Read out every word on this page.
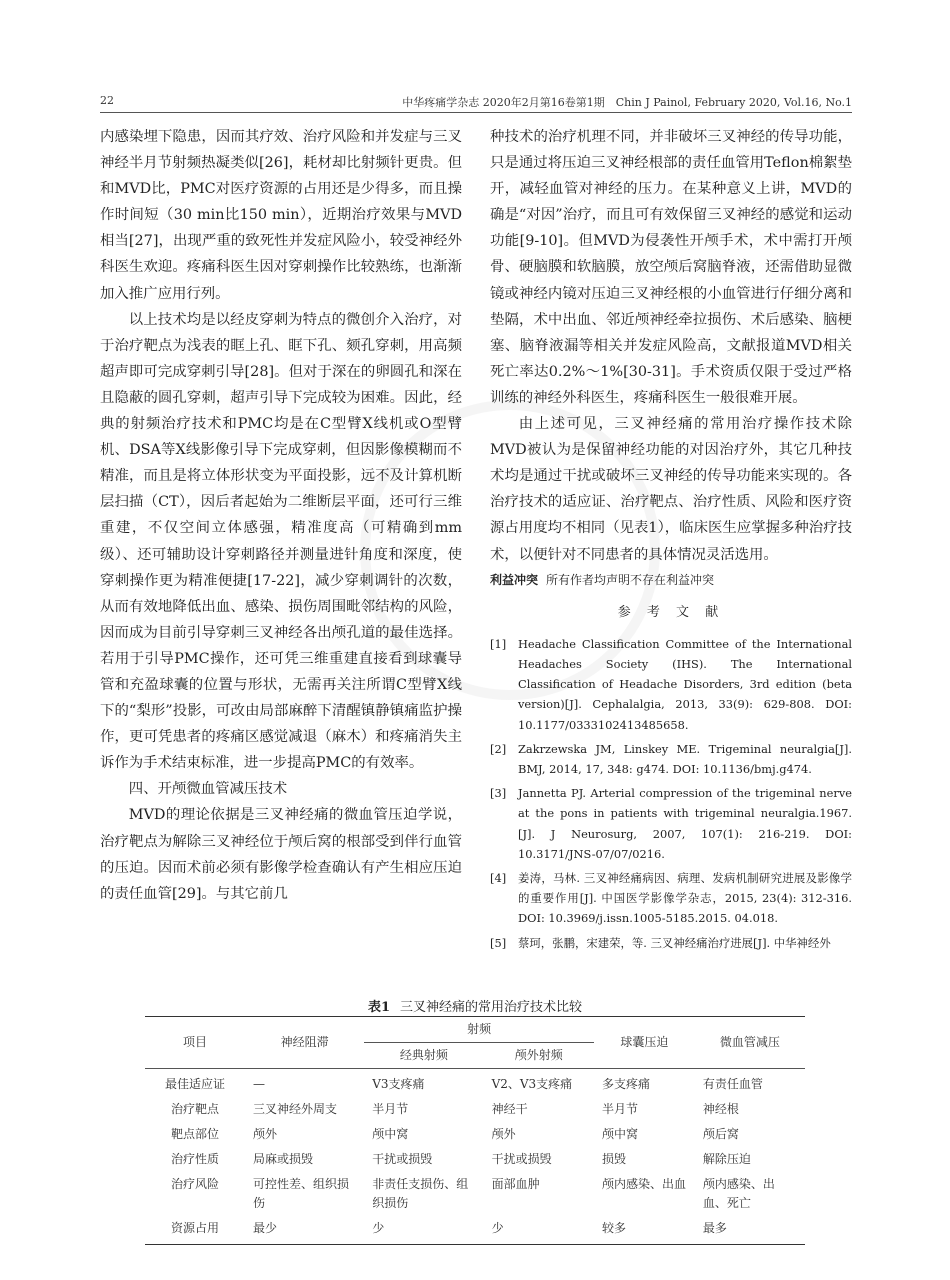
22	中华疼痛学杂志 2020年2月第16卷第1期　Chin J Painol, February 2020, Vol.16, No.1

内感染埋下隐患，因而其疗效、治疗风险和并发症与三叉神经半月节射频热凝类似[26]，耗材却比射频针更贵。但和MVD比，PMC对医疗资源的占用还是少得多，而且操作时间短（30 min比150 min），近期治疗效果与MVD相当[27]，出现严重的致死性并发症风险小，较受神经外科医生欢迎。疼痛科医生因对穿刺操作比较熟练，也渐渐加入推广应用行列。

以上技术均是以经皮穿刺为特点的微创介入治疗，对于治疗靶点为浅表的眶上孔、眶下孔、颏孔穿刺，用高频超声即可完成穿刺引导[28]。但对于深在的卵圆孔和深在且隐蔽的圆孔穿刺，超声引导下完成较为困难。因此，经典的射频治疗技术和PMC均是在C型臂X线机或O型臂机、DSA等X线影像引导下完成穿刺，但因影像模糊而不精准，而且是将立体形状变为平面投影，远不及计算机断层扫描（CT），因后者起始为二维断层平面，还可行三维重建，不仅空间立体感强，精准度高（可精确到mm级）、还可辅助设计穿刺路径并测量进针角度和深度，使穿刺操作更为精准便捷[17-22]，减少穿刺调针的次数，从而有效地降低出血、感染、损伤周围毗邻结构的风险，因而成为目前引导穿刺三叉神经各出颅孔道的最佳选择。若用于引导PMC操作，还可凭三维重建直接看到球囊导管和充盈球囊的位置与形状，无需再关注所谓C型臂X线下的“梨形”投影，可改由局部麻醉下清醒镇静镇痛监护操作，更可凭患者的疼痛区感觉减退（麻木）和疼痛消失主诉作为手术结束标准，进一步提高PMC的有效率。

四、开颅微血管减压技术

MVD的理论依据是三叉神经痛的微血管压迫学说，治疗靶点为解除三叉神经位于颅后窝的根部受到伴行血管的压迫。因而术前必须有影像学检查确认有产生相应压迫的责任血管[29]。与其它前几

种技术的治疗机理不同，并非破坏三叉神经的传导功能，只是通过将压迫三叉神经根部的责任血管用Teflon棉絮垫开，减轻血管对神经的压力。在某种意义上讲，MVD的确是“对因”治疗，而且可有效保留三叉神经的感觉和运动功能[9-10]。但MVD为侵袭性开颅手术，术中需打开颅骨、硬脑膜和软脑膜，放空颅后窝脑脊液，还需借助显微镜或神经内镜对压迫三叉神经根的小血管进行仔细分离和垫隔，术中出血、邻近颅神经牵拉损伤、术后感染、脑梗塞、脑脊液漏等相关并发症风险高，文献报道MVD相关死亡率达0.2%～1%[30-31]。手术资质仅限于受过严格训练的神经外科医生，疼痛科医生一般很难开展。

由上述可见，三叉神经痛的常用治疗操作技术除MVD被认为是保留神经功能的对因治疗外，其它几种技术均是通过干扰或破坏三叉神经的传导功能来实现的。各治疗技术的适应证、治疗靶点、治疗性质、风险和医疗资源占用度均不相同（见表1），临床医生应掌握多种治疗技术，以便针对不同患者的具体情况灵活选用。

利益冲突 所有作者均声明不存在利益冲突

参 考 文 献
[1] Headache Classification Committee of the International Headaches Society (IHS). The International Classification of Headache Disorders, 3rd edition (beta version)[J]. Cephalalgia, 2013, 33(9): 629-808. DOI: 10.1177/0333102413485658.
[2] Zakrzewska JM, Linskey ME. Trigeminal neuralgia[J]. BMJ, 2014, 17, 348: g474. DOI: 10.1136/bmj.g474.
[3] Jannetta PJ. Arterial compression of the trigeminal nerve at the pons in patients with trigeminal neuralgia.1967.[J]. J Neurosurg, 2007, 107(1): 216-219. DOI: 10.3171/JNS-07/07/0216.
[4] 姜涛，马林. 三叉神经痛病因、病理、发病机制研究进展及影像学的重要作用[J]. 中国医学影像学杂志，2015, 23(4): 312-316. DOI: 10.3969/j.issn.1005-5185.2015. 04.018.
[5] 蔡珂，张鹏，宋建荣，等. 三叉神经痛治疗进展[J]. 中华神经外
表1 三叉神经痛的常用治疗技术比较
项目	神经阻滞	射频		球囊压迫	微血管减压
		经典射频	颅外射频		
最佳适应证	—	V3支疼痛	V2、V3支疼痛	多支疼痛	有责任血管
治疗靶点	三叉神经外周支	半月节	神经干	半月节	神经根
靶点部位	颅外	颅中窝	颅外	颅中窝	颅后窝
治疗性质	局麻或损毁	干扰或损毁	干扰或损毁	损毁	解除压迫
治疗风险	可控性差、组织损伤	非责任支损伤、组织损伤	面部血肿	颅内感染、出血	颅内感染、出血、死亡
资源占用	最少	少	少	较多	最多
